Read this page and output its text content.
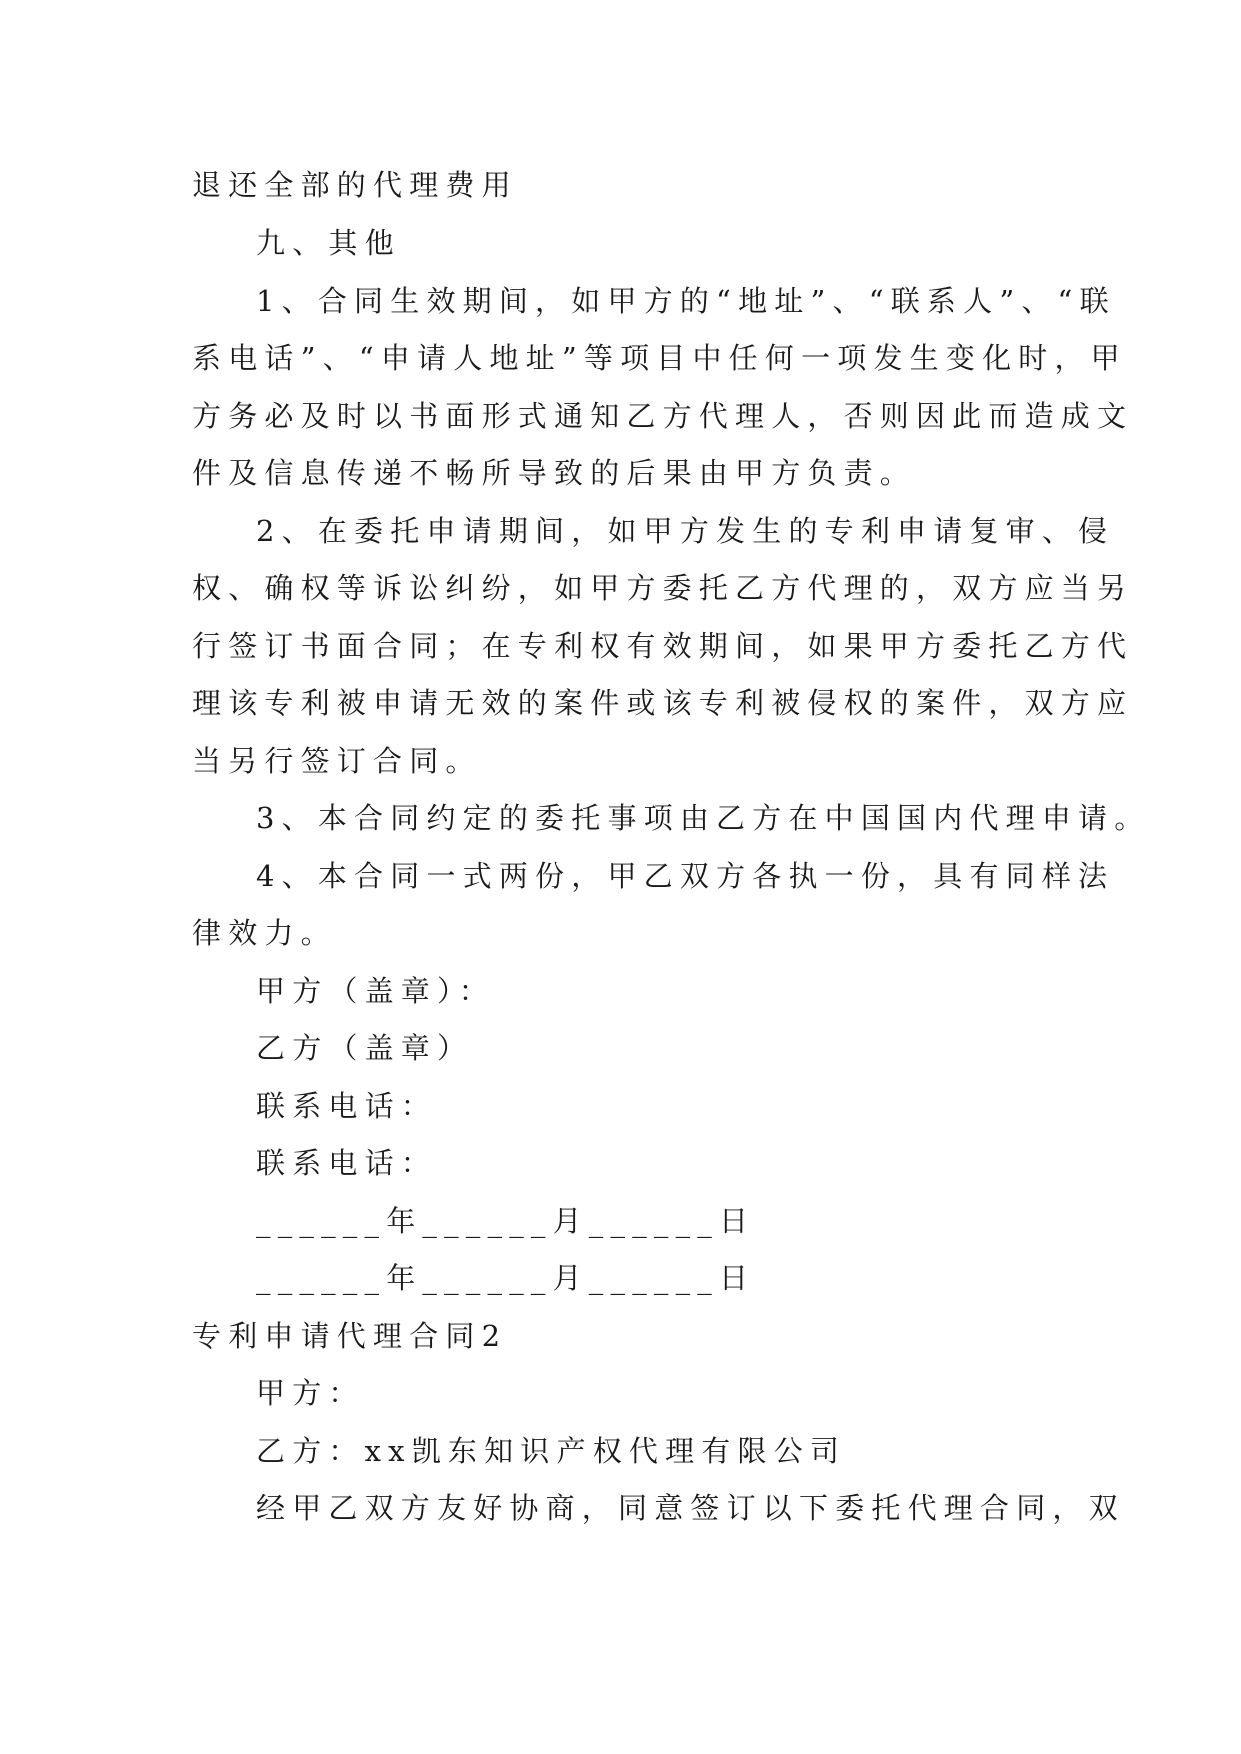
退还全部的代理费用
九、其他
1、合同生效期间，如甲方的“地址”、“联系人”、“联
系电话”、“申请人地址”等项目中任何一项发生变化时，甲
方务必及时以书面形式通知乙方代理人，否则因此而造成文
件及信息传递不畅所导致的后果由甲方负责。
2、在委托申请期间，如甲方发生的专利申请复审、侵
权、确权等诉讼纠纷，如甲方委托乙方代理的，双方应当另
行签订书面合同；在专利权有效期间，如果甲方委托乙方代
理该专利被申请无效的案件或该专利被侵权的案件，双方应
当另行签订合同。
3、本合同约定的委托事项由乙方在中国国内代理申请。
4、本合同一式两份，甲乙双方各执一份，具有同样法
律效力。
甲方（盖章）：
乙方（盖章）
联系电话：
联系电话：
______年______月______日
______年______月______日
专利申请代理合同2
甲方：
乙方：xx凯东知识产权代理有限公司
经甲乙双方友好协商，同意签订以下委托代理合同，双
